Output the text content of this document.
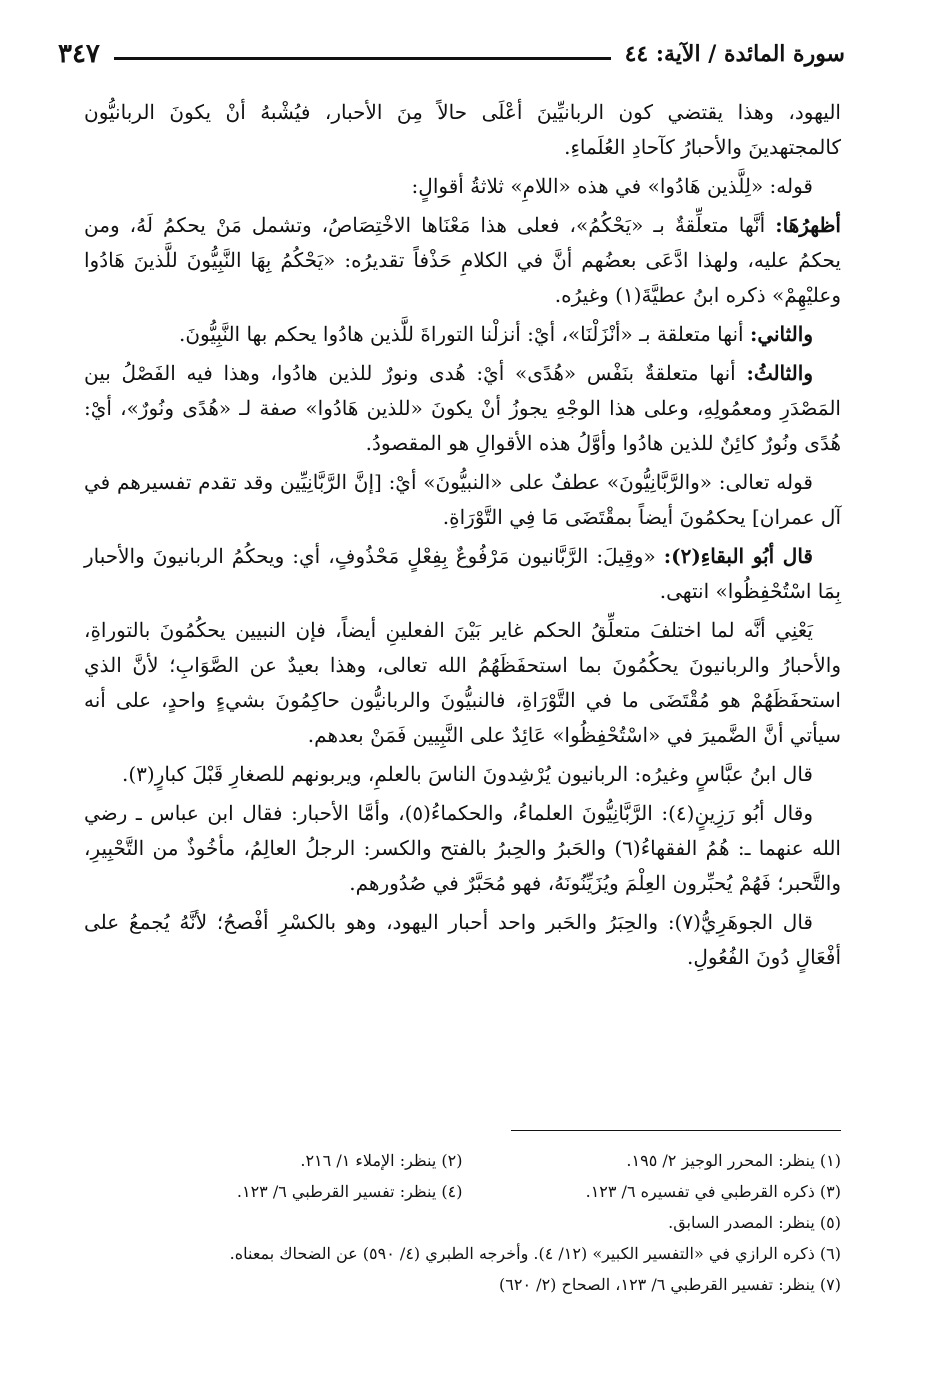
سورة المائدة / الآية: ٤٤
٣٤٧

اليهود، وهذا يقتضي كون الربانيِّينَ أعْلَى حالاً مِنَ الأحبار، فيُشْبهُ أنْ يكونَ الربانيُّون كالمجتهدينَ والأحبارُ كآحادِ العُلَماءِ.

قوله: «لِلَّذين هَادُوا» في هذه «اللامِ» ثلاثةُ أقوالٍ:

أظهرُهَا: أنَّها متعلِّقةٌ بـ «يَحْكُمُ»، فعلى هذا مَعْنَاها الاخْتِصَاصُ، وتشمل مَنْ يحكمُ لَهُ، ومن يحكمُ عليه، ولهذا ادَّعَى بعضُهم أنَّ في الكلامِ حَذْفاً تقديرُه: «يَحْكُمُ بِهَا النَّبِيُّونَ للَّذينَ هَادُوا وعليْهِمْ» ذكره ابنُ عطيَّةَ(١) وغيرُه.

والثاني: أنها متعلقة بـ «أنْزَلْنَا»، أيْ: أنزلْنا التوراةَ للَّذين هادُوا يحكم بها النَّبِيُّونَ.

والثالثُ: أنها متعلقةٌ بنَفْس «هُدًى» أيْ: هُدى ونورٌ للذين هادُوا، وهذا فيه الفَصْلُ بين المَصْدَرِ ومعمُولِهِ، وعلى هذا الوجْهِ يجوزُ أنْ يكونَ «للذين هَادُوا» صفة لـ «هُدًى ونُورٌ»، أيْ: هُدًى ونُورٌ كائِنٌ للذين هادُوا وأوَّلُ هذه الأقوالِ هو المقصودُ.

قوله تعالى: «والرَّبَّانِيُّونَ» عطفٌ على «النبيُّونَ» أيْ: [إنَّ الرَّبَّانِيِّين وقد تقدم تفسيرهم في آل عمران] يحكمُونَ أيضاً بمقْتَضَى مَا فِي التَّوْرَاةِ.

قال أبُو البقاءِ(٢): «وقِيلَ: الرَّبَّانيون مَرْفُوعٌ بِفِعْلٍ مَحْذُوفٍ، أي: ويحكُمُ الربانيونَ والأحبار بِمَا اسْتُحْفِظُوا» انتهى.

يَعْنِي أنَّه لما اختلفَ متعلِّقُ الحكم غاير بَيْنَ الفعلينِ أيضاً، فإن النبيين يحكُمُونَ بالتوراةِ، والأحبارُ والربانيونَ يحكُمُونَ بما استحفَظَهُمُ الله تعالى، وهذا بعيدٌ عن الصَّوَابِ؛ لأنَّ الذي استحفَظَهُمْ هو مُقْتَضَى ما في التَّوْرَاةِ، فالنبيُّونَ والربانيُّون حاكِمُونَ بشيءٍ واحدٍ، على أنه سيأتي أنَّ الضَّميرَ في «اسْتُحْفِظُوا» عَائِدٌ على النَّبِيين فَمَنْ بعدهم.

قال ابنُ عبَّاسٍ وغيرُه: الربانيون يُرْشِدونَ الناسَ بالعلمِ، ويربونهم للصغارِ قَبْلَ كبارٍ(٣).

وقال أبُو رَزِينٍ(٤): الرَّبَّانِيُّونَ العلماءُ، والحكماءُ(٥)، وأمَّا الأحبار: فقال ابن عباس ـ رضي الله عنهما ـ: هُمُ الفقهاءُ(٦) والحَبرُ والحِبرُ بالفتح والكسر: الرجلُ العالِمُ، مأخُوذٌ من التَّحْبِيرِ، والتَّحبر؛ فَهُمْ يُحبِّرون العِلْمَ ويُزَيِّنُونَهُ، فهو مُحَبَّرٌ في صُدُورهم.

قال الجوهَرِيُّ(٧): والحِبَرُ والحَبر واحد أحبار اليهود، وهو بالكسْرِ أفْصحُ؛ لأنَّهُ يُجمعُ على أفْعَالٍ دُونَ الفُعُولِ.

(١) ينظر: المحرر الوجيز ٢/ ١٩٥.
(٢) ينظر: الإملاء ١/ ٢١٦.
(٣) ذكره القرطبي في تفسيره ٦/ ١٢٣.
(٤) ينظر: تفسير القرطبي ٦/ ١٢٣.
(٥) ينظر: المصدر السابق.
(٦) ذكره الرازي في «التفسير الكبير» (١٢/ ٤). وأخرجه الطبري (٤/ ٥٩٠) عن الضحاك بمعناه.
(٧) ينظر: تفسير القرطبي ٦/ ١٢٣، الصحاح (٢/ ٦٢٠)
